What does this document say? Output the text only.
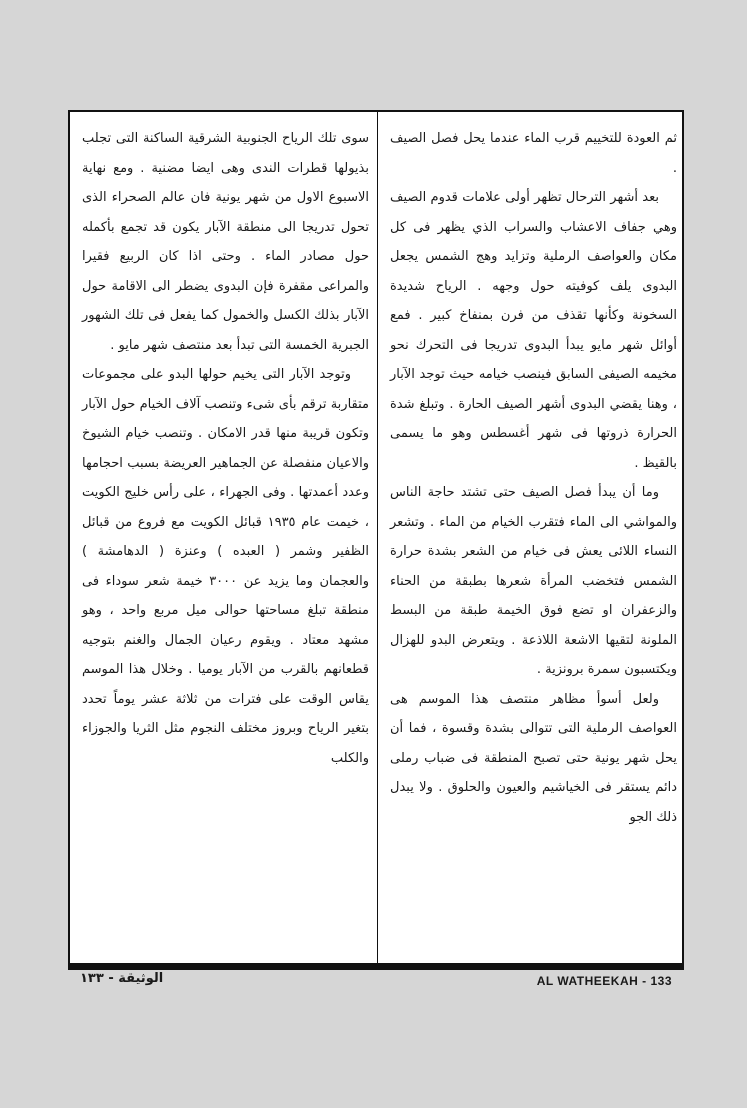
ثم العودة للتخييم قرب الماء عندما يحل فصل الصيف .

بعد أشهر الترحال تظهر أولى علامات قدوم الصيف وهي جفاف الاعشاب والسراب الذي يظهر فى كل مكان والعواصف الرملية وتزايد وهج الشمس يجعل البدوى يلف كوفيته حول وجهه . الرياح شديدة السخونة وكأنها تقذف من فرن بمنفاخ كبير . فمع أوائل شهر مايو يبدأ البدوى تدريجا فى التحرك نحو مخيمه الصيفى السابق فينصب خيامه حيث توجد الآبار ، وهنا يقضي البدوى أشهر الصيف الحارة . وتبلغ شدة الحرارة ذروتها فى شهر أغسطس وهو ما يسمى بالقيظ .

وما أن يبدأ فصل الصيف حتى تشتد حاجة الناس والمواشي الى الماء فتقرب الخيام من الماء . وتشعر النساء اللائى يعش فى خيام من الشعر بشدة حرارة الشمس فتخضب المرأة شعرها بطبقة من الحناء والزعفران او تضع فوق الخيمة طبقة من البسط الملونة لتقيها الاشعة اللاذعة . ويتعرض البدو للهزال ويكتسبون سمرة برونزية .

ولعل أسوأ مظاهر منتصف هذا الموسم هى العواصف الرملية التى تتوالى بشدة وقسوة ، فما أن يحل شهر يونية حتى تصبح المنطقة فى ضباب رملى دائم يستقر فى الخياشيم والعيون والحلوق . ولا يبدل ذلك الجو

سوى تلك الرياح الجنوبية الشرقية الساكنة التى تجلب بذيولها قطرات الندى وهى ايضا مضنية . ومع نهاية الاسبوع الاول من شهر يونية فان عالم الصحراء الذى تحول تدريجا الى منطقة الآبار يكون قد تجمع بأكمله حول مصادر الماء . وحتى اذا كان الربيع فقيرا والمراعى مقفرة فإن البدوى يضطر الى الاقامة حول الآبار بذلك الكسل والخمول كما يفعل فى تلك الشهور الجبرية الخمسة التى تبدأ بعد منتصف شهر مايو .

وتوجد الآبار التى يخيم حولها البدو على مجموعات متقاربة ترقم بأى شىء وتنصب آلاف الخيام حول الآبار وتكون قريبة منها قدر الامكان . وتنصب خيام الشيوخ والاعيان منفصلة عن الجماهير العريضة بسبب احجامها وعدد أعمدتها . وفى الجهراء ، على رأس خليج الكويت ، خيمت عام ١٩٣٥ قبائل الكويت مع فروع من قبائل الظفير وشمر ( العبده ) وعنزة ( الدهامشة ) والعجمان وما يزيد عن ٣٠٠٠ خيمة شعر سوداء فى منطقة تبلغ مساحتها حوالى ميل مربع واحد ، وهو مشهد معتاد . ويقوم رعيان الجمال والغنم بتوجيه قطعانهم بالقرب من الآبار يوميا . وخلال هذا الموسم يقاس الوقت على فترات من ثلاثة عشر يوماً تحدد بتغير الرياح وبروز مختلف النجوم مثل الثريا والجوزاء والكلب

AL WATHEEKAH - 133
الوثيقة - ١٣٣
